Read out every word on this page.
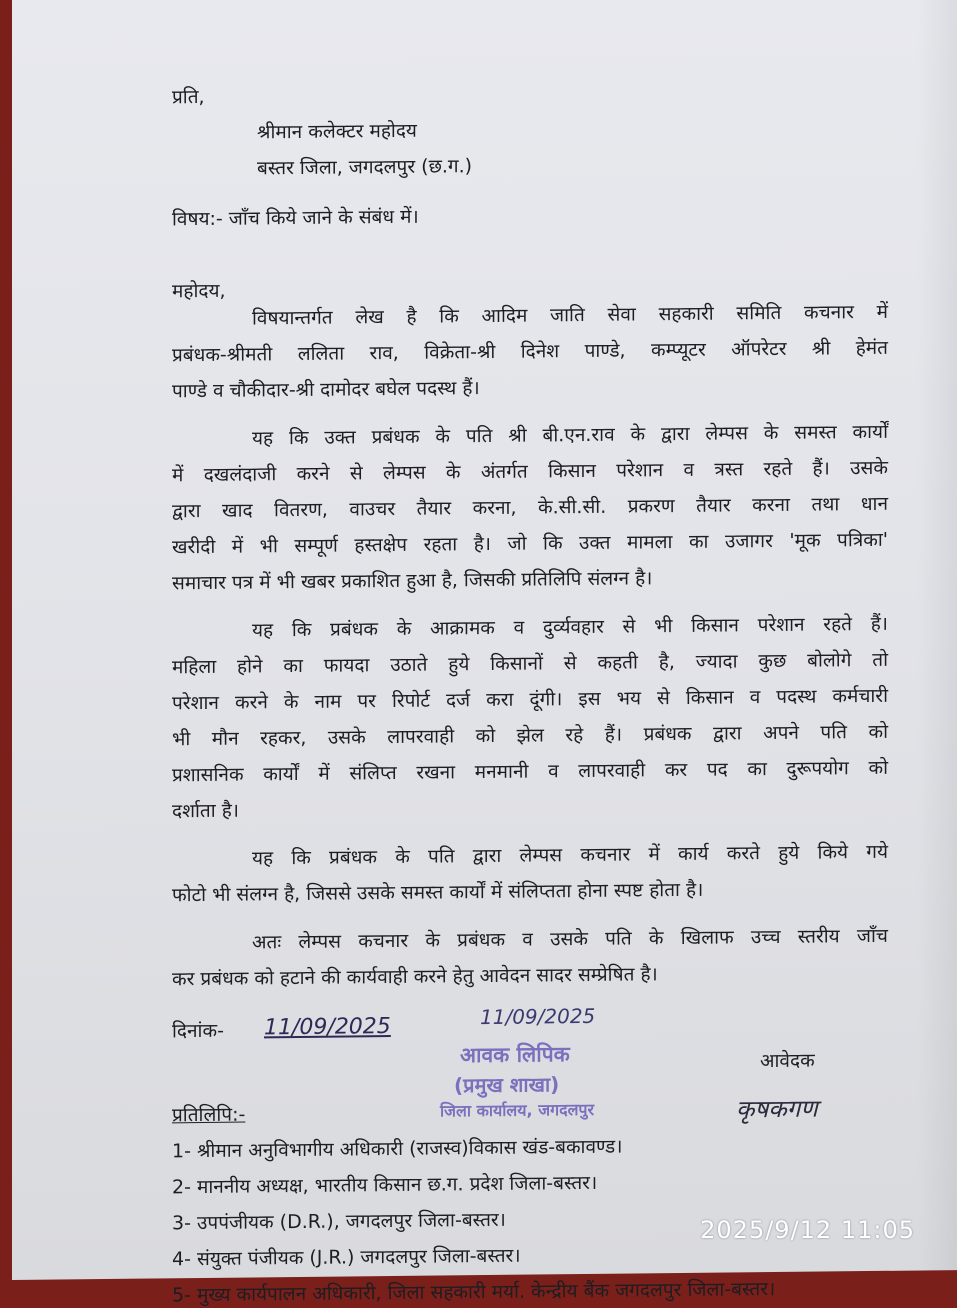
प्रति,
श्रीमान कलेक्टर महोदय
बस्तर जिला, जगदलपुर (छ.ग.)
विषय:- जाँच किये जाने के संबंध में।
महोदय,
विषयान्तर्गत लेख है कि आदिम जाति सेवा सहकारी समिति कचनार में
प्रबंधक-श्रीमती ललिता राव, विक्रेता-श्री दिनेश पाण्डे, कम्प्यूटर ऑपरेटर श्री हेमंत
पाण्डे व चौकीदार-श्री दामोदर बघेल पदस्थ हैं।
यह कि उक्त प्रबंधक के पति श्री बी.एन.राव के द्वारा लेम्पस के समस्त कार्यों
में दखलंदाजी करने से लेम्पस के अंतर्गत किसान परेशान व त्रस्त रहते हैं। उसके
द्वारा खाद वितरण, वाउचर तैयार करना, के.सी.सी. प्रकरण तैयार करना तथा धान
खरीदी में भी सम्पूर्ण हस्तक्षेप रहता है। जो कि उक्त मामला का उजागर 'मूक पत्रिका'
समाचार पत्र में भी खबर प्रकाशित हुआ है, जिसकी प्रतिलिपि संलग्न है।
यह कि प्रबंधक के आक्रामक व दुर्व्यवहार से भी किसान परेशान रहते हैं।
महिला होने का फायदा उठाते हुये किसानों से कहती है, ज्यादा कुछ बोलोगे तो
परेशान करने के नाम पर रिपोर्ट दर्ज करा दूंगी। इस भय से किसान व पदस्थ कर्मचारी
भी मौन रहकर, उसके लापरवाही को झेल रहे हैं। प्रबंधक द्वारा अपने पति को
प्रशासनिक कार्यों में संलिप्त रखना मनमानी व लापरवाही कर पद का दुरूपयोग को
दर्शाता है।
यह कि प्रबंधक के पति द्वारा लेम्पस कचनार में कार्य करते हुये किये गये
फोटो भी संलग्न है, जिससे उसके समस्त कार्यों में संलिप्तता होना स्पष्ट होता है।
अतः लेम्पस कचनार के प्रबंधक व उसके पति के खिलाफ उच्च स्तरीय जाँच
कर प्रबंधक को हटाने की कार्यवाही करने हेतु आवेदन सादर सम्प्रेषित है।
दिनांक- 11/09/2025	11/09/2025
आवक लिपिक
(प्रमुख शाखा)
जिला कार्यालय, जगदलपुर
आवेदक
कृषकगण
प्रतिलिपि:-
1- श्रीमान अनुविभागीय अधिकारी (राजस्व)विकास खंड-बकावण्ड।
2- माननीय अध्यक्ष, भारतीय किसान छ.ग. प्रदेश जिला-बस्तर।
3- उपपंजीयक (D.R.), जगदलपुर जिला-बस्तर।
4- संयुक्त पंजीयक (J.R.) जगदलपुर जिला-बस्तर।
5- मुख्य कार्यपालन अधिकारी, जिला सहकारी मर्या. केन्द्रीय बैंक जगदलपुर जिला-बस्तर।
2025/9/12 11:05
